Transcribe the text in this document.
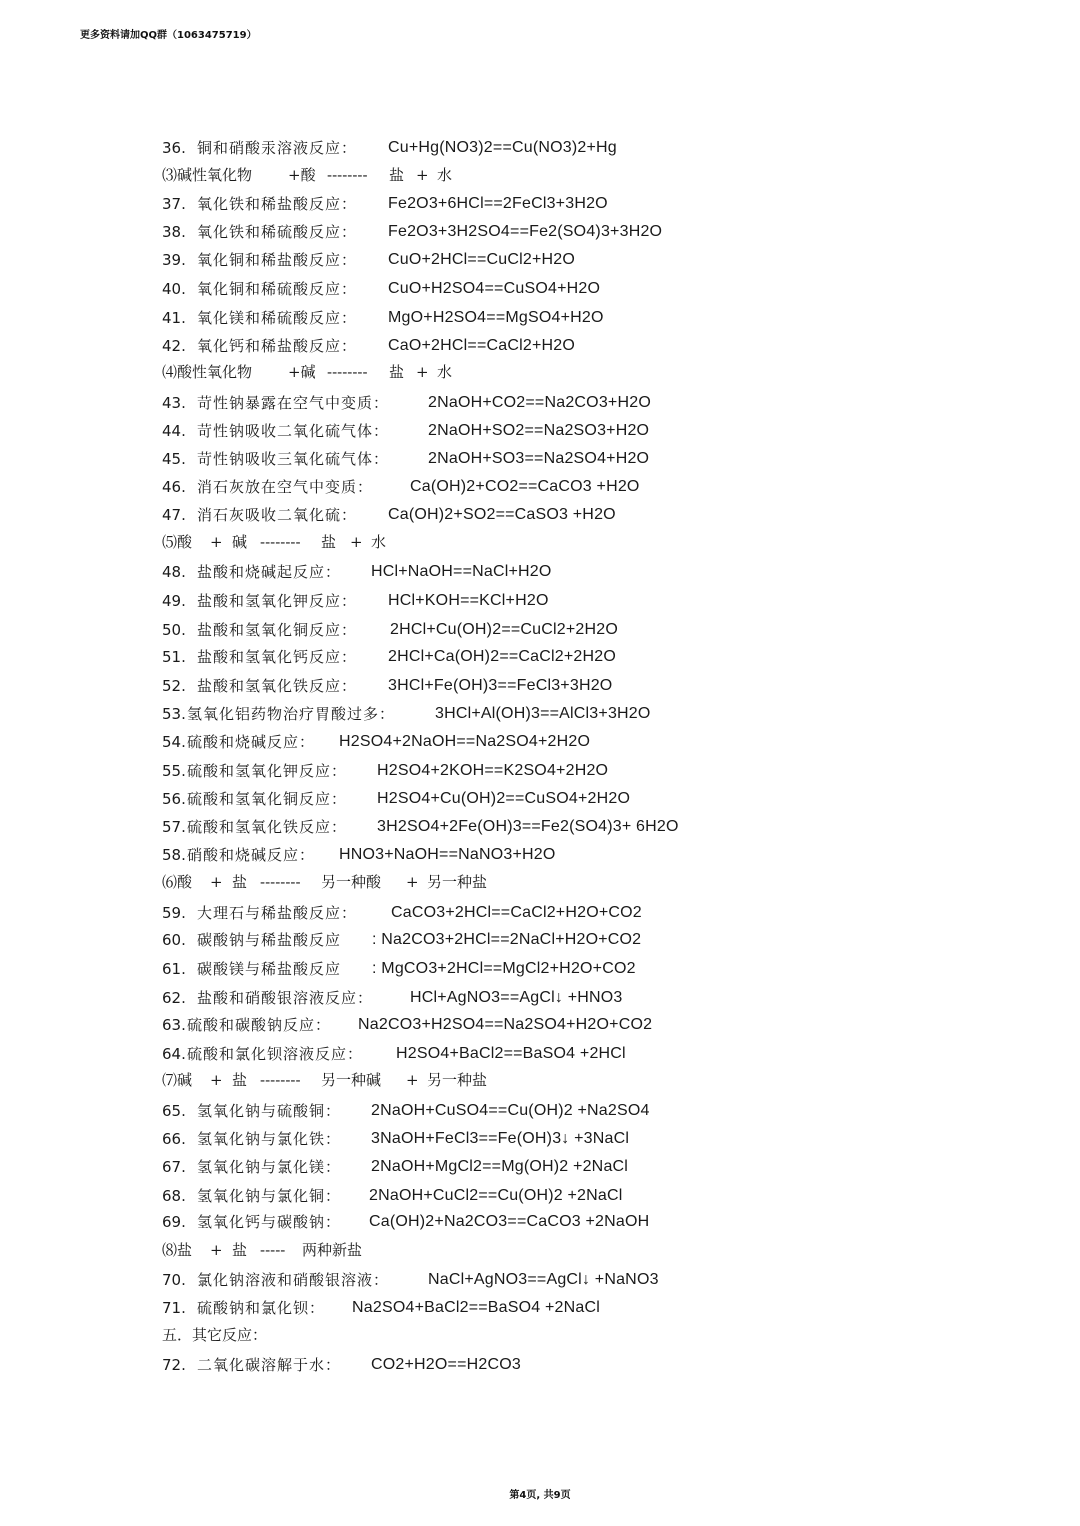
更多资料请加QQ群（1063475719）
36. 铜和硝酸汞溶液反应： Cu+Hg(NO3)2==Cu(NO3)2+Hg
⑶碱性氧化物 +酸 -------- 盐 + 水
37. 氧化铁和稀盐酸反应： Fe2O3+6HCl==2FeCl3+3H2O
38. 氧化铁和稀硫酸反应： Fe2O3+3H2SO4==Fe2(SO4)3+3H2O
39. 氧化铜和稀盐酸反应： CuO+2HCl==CuCl2+H2O
40. 氧化铜和稀硫酸反应： CuO+H2SO4==CuSO4+H2O
41. 氧化镁和稀硫酸反应： MgO+H2SO4==MgSO4+H2O
42. 氧化钙和稀盐酸反应： CaO+2HCl==CaCl2+H2O
⑷酸性氧化物 +碱 -------- 盐 + 水
43. 苛性钠暴露在空气中变质： 2NaOH+CO2==Na2CO3+H2O
44. 苛性钠吸收二氧化硫气体： 2NaOH+SO2==Na2SO3+H2O
45. 苛性钠吸收三氧化硫气体： 2NaOH+SO3==Na2SO4+H2O
46. 消石灰放在空气中变质： Ca(OH)2+CO2==CaCO3 +H2O
47. 消石灰吸收二氧化硫： Ca(OH)2+SO2==CaSO3 +H2O
⑸酸 + 碱 -------- 盐 + 水
48. 盐酸和烧碱起反应： HCl+NaOH==NaCl+H2O
49. 盐酸和氢氧化钾反应： HCl+KOH==KCl+H2O
50. 盐酸和氢氧化铜反应： 2HCl+Cu(OH)2==CuCl2+2H2O
51. 盐酸和氢氧化钙反应： 2HCl+Ca(OH)2==CaCl2+2H2O
52. 盐酸和氢氧化铁反应： 3HCl+Fe(OH)3==FeCl3+3H2O
53. 氢氧化铝药物治疗胃酸过多： 3HCl+Al(OH)3==AlCl3+3H2O
54. 硫酸和烧碱反应： H2SO4+2NaOH==Na2SO4+2H2O
55. 硫酸和氢氧化钾反应： H2SO4+2KOH==K2SO4+2H2O
56. 硫酸和氢氧化铜反应： H2SO4+Cu(OH)2==CuSO4+2H2O
57. 硫酸和氢氧化铁反应： 3H2SO4+2Fe(OH)3==Fe2(SO4)3+ 6H2O
58. 硝酸和烧碱反应： HNO3+NaOH==NaNO3+H2O
⑹酸 + 盐 -------- 另一种酸 + 另一种盐
59. 大理石与稀盐酸反应： CaCO3+2HCl==CaCl2+H2O+CO2
60. 碳酸钠与稀盐酸反应 : Na2CO3+2HCl==2NaCl+H2O+CO2
61. 碳酸镁与稀盐酸反应 : MgCO3+2HCl==MgCl2+H2O+CO2
62. 盐酸和硝酸银溶液反应： HCl+AgNO3==AgCl↓ +HNO3
63. 硫酸和碳酸钠反应： Na2CO3+H2SO4==Na2SO4+H2O+CO2
64. 硫酸和氯化钡溶液反应： H2SO4+BaCl2==BaSO4 +2HCl
⑺碱 + 盐 -------- 另一种碱 + 另一种盐
65. 氢氧化钠与硫酸铜： 2NaOH+CuSO4==Cu(OH)2 +Na2SO4
66. 氢氧化钠与氯化铁： 3NaOH+FeCl3==Fe(OH)3↓ +3NaCl
67. 氢氧化钠与氯化镁： 2NaOH+MgCl2==Mg(OH)2 +2NaCl
68. 氢氧化钠与氯化铜： 2NaOH+CuCl2==Cu(OH)2 +2NaCl
69. 氢氧化钙与碳酸钠： Ca(OH)2+Na2CO3==CaCO3 +2NaOH
⑻盐 + 盐 ----- 两种新盐
70. 氯化钠溶液和硝酸银溶液： NaCl+AgNO3==AgCl↓ +NaNO3
71. 硫酸钠和氯化钡： Na2SO4+BaCl2==BaSO4 +2NaCl
五．其它反应：
72. 二氧化碳溶解于水： CO2+H2O==H2CO3
第4页, 共9页
